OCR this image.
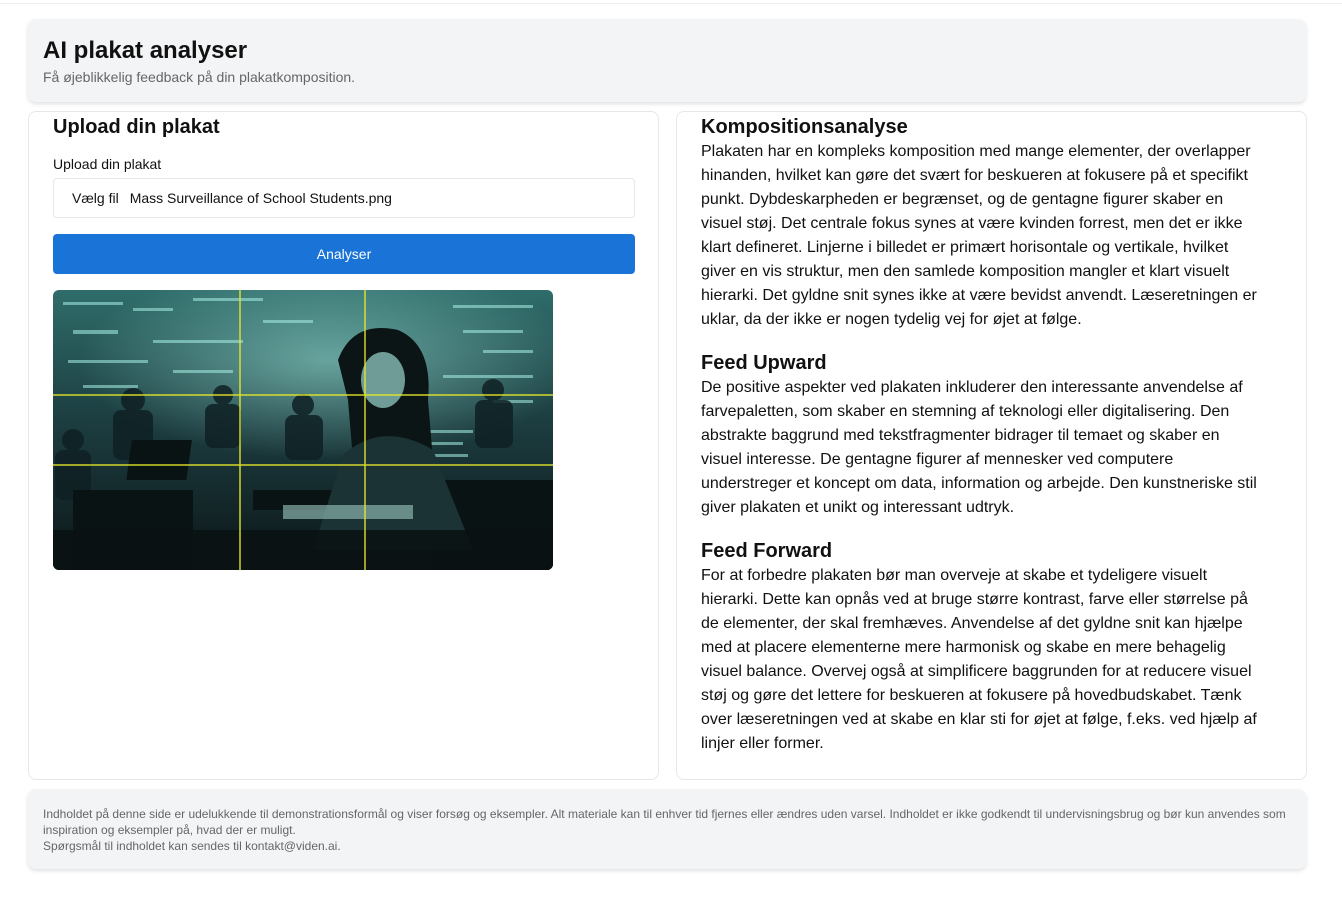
AI plakat analyser
Få øjeblikkelig feedback på din plakatkomposition.
Upload din plakat
Upload din plakat
Vælg fil Mass Surveillance of School Students.png
Analyser
Kompositionsanalyse

Plakaten har en kompleks komposition med mange elementer, der overlapper hinanden, hvilket kan gøre det svært for beskueren at fokusere på et specifikt punkt. Dybdeskarpheden er begrænset, og de gentagne figurer skaber en visuel støj. Det centrale fokus synes at være kvinden forrest, men det er ikke klart defineret. Linjerne i billedet er primært horisontale og vertikale, hvilket giver en vis struktur, men den samlede komposition mangler et klart visuelt hierarki. Det gyldne snit synes ikke at være bevidst anvendt. Læseretningen er uklar, da der ikke er nogen tydelig vej for øjet at følge.

Feed Upward

De positive aspekter ved plakaten inkluderer den interessante anvendelse af farvepaletten, som skaber en stemning af teknologi eller digitalisering. Den abstrakte baggrund med tekstfragmenter bidrager til temaet og skaber en visuel interesse. De gentagne figurer af mennesker ved computere understreger et koncept om data, information og arbejde. Den kunstneriske stil giver plakaten et unikt og interessant udtryk.

Feed Forward

For at forbedre plakaten bør man overveje at skabe et tydeligere visuelt hierarki. Dette kan opnås ved at bruge større kontrast, farve eller størrelse på de elementer, der skal fremhæves. Anvendelse af det gyldne snit kan hjælpe med at placere elementerne mere harmonisk og skabe en mere behagelig visuel balance. Overvej også at simplificere baggrunden for at reducere visuel støj og gøre det lettere for beskueren at fokusere på hovedbudskabet. Tænk over læseretningen ved at skabe en klar sti for øjet at følge, f.eks. ved hjælp af linjer eller former.

Indholdet på denne side er udelukkende til demonstrationsformål og viser forsøg og eksempler. Alt materiale kan til enhver tid fjernes eller ændres uden varsel. Indholdet er ikke godkendt til undervisningsbrug og bør kun anvendes som inspiration og eksempler på, hvad der er muligt.

Spørgsmål til indholdet kan sendes til kontakt@viden.ai.
